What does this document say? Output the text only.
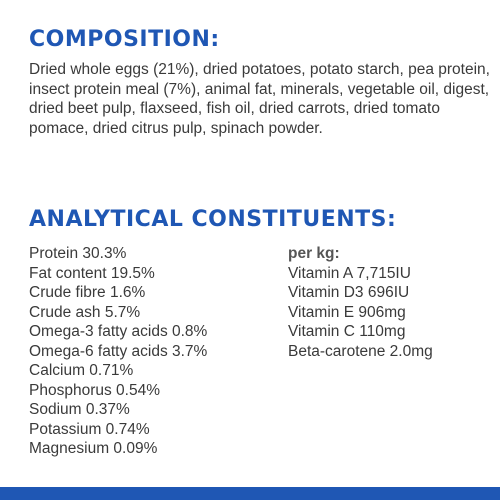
COMPOSITION:

Dried whole eggs (21%), dried potatoes, potato starch, pea protein, insect protein meal (7%), animal fat, minerals, vegetable oil, digest, dried beet pulp, flaxseed, fish oil, dried carrots, dried tomato pomace, dried citrus pulp, spinach powder.

ANALYTICAL CONSTITUENTS:
Protein 30.3%
Fat content 19.5%
Crude fibre 1.6%
Crude ash 5.7%
Omega-3 fatty acids 0.8%
Omega-6 fatty acids 3.7%
Calcium 0.71%
Phosphorus 0.54%
Sodium 0.37%
Potassium 0.74%
Magnesium 0.09%
per kg:
Vitamin A 7,715IU
Vitamin D3 696IU
Vitamin E 906mg
Vitamin C 110mg
Beta-carotene 2.0mg
